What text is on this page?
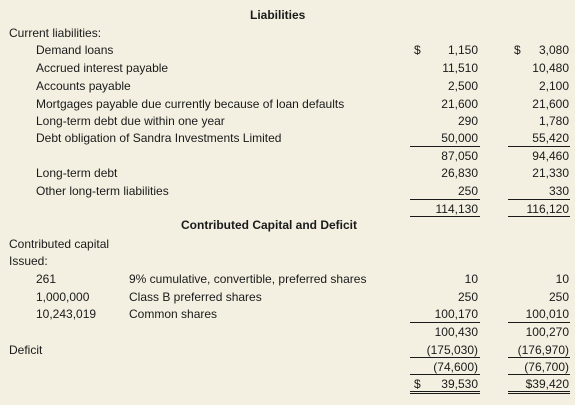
Liabilities
Current liabilities:
$	$
Demand loans	1,150	3,080
Accrued interest payable	11,510	10,480
Accounts payable	2,500	2,100
Mortgages payable due currently because of loan defaults	21,600	21,600
Long-term debt due within one year	290	1,780
Debt obligation of Sandra Investments Limited	50,000	55,420
87,050	94,460
Long-term debt	26,830	21,330
Other long-term liabilities	250	330
114,130	116,120
Contributed Capital and Deficit
Contributed capital
Issued:
261	9% cumulative, convertible, preferred shares	10	10
1,000,000	Class B preferred shares	250	250
10,243,019	Common shares	100,170	100,010
100,430	100,270
Deficit	(175,030)	(176,970)
(74,600)	(76,700)
$	39,530	$39,420
